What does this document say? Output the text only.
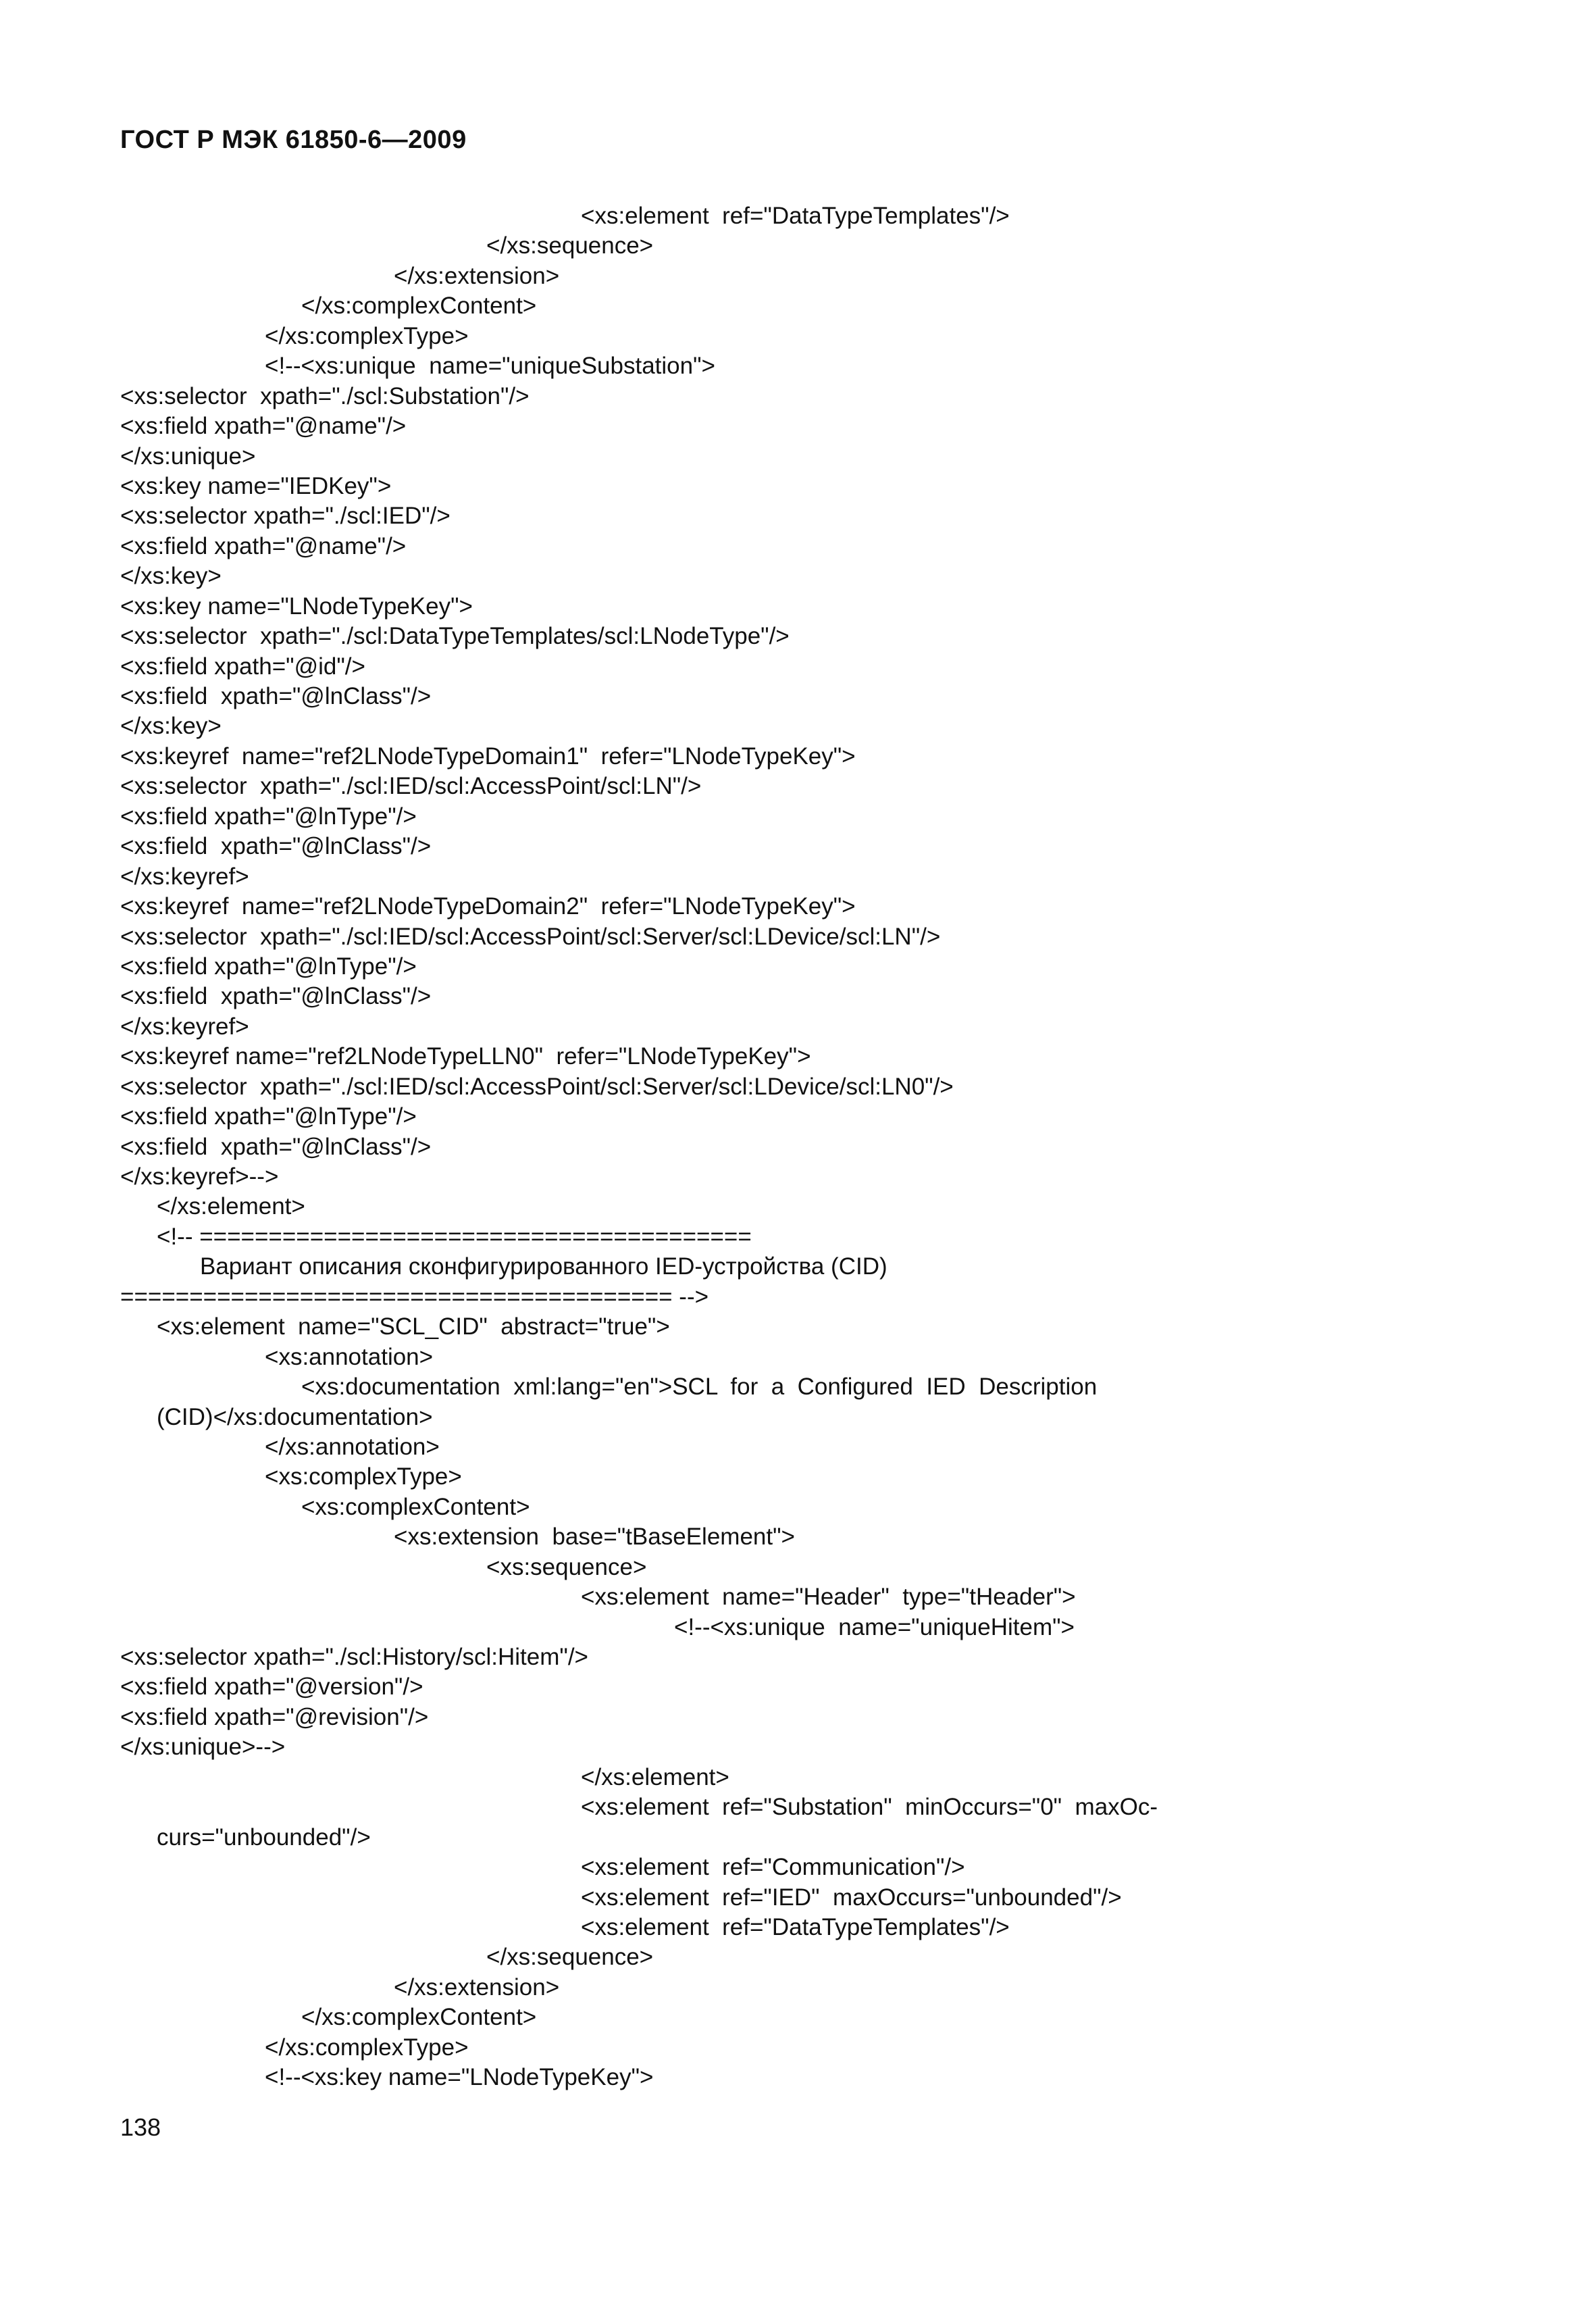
ГОСТ Р МЭК 61850-6—2009
<xs:element  ref="DataTypeTemplates"/>
</xs:sequence>
</xs:extension>
</xs:complexContent>
</xs:complexType>
<!--<xs:unique  name="uniqueSubstation">
<xs:selector  xpath="./scl:Substation"/>
<xs:field xpath="@name"/>
</xs:unique>
<xs:key name="IEDKey">
<xs:selector xpath="./scl:IED"/>
<xs:field xpath="@name"/>
</xs:key>
<xs:key name="LNodeTypeKey">
<xs:selector  xpath="./scl:DataTypeTemplates/scl:LNodeType"/>
<xs:field xpath="@id"/>
<xs:field  xpath="@lnClass"/>
</xs:key>
<xs:keyref  name="ref2LNodeTypeDomain1"  refer="LNodeTypeKey">
<xs:selector  xpath="./scl:IED/scl:AccessPoint/scl:LN"/>
<xs:field xpath="@lnType"/>
<xs:field  xpath="@lnClass"/>
</xs:keyref>
<xs:keyref  name="ref2LNodeTypeDomain2"  refer="LNodeTypeKey">
<xs:selector  xpath="./scl:IED/scl:AccessPoint/scl:Server/scl:LDevice/scl:LN"/>
<xs:field xpath="@lnType"/>
<xs:field  xpath="@lnClass"/>
</xs:keyref>
<xs:keyref name="ref2LNodeTypeLLN0"  refer="LNodeTypeKey">
<xs:selector  xpath="./scl:IED/scl:AccessPoint/scl:Server/scl:LDevice/scl:LN0"/>
<xs:field xpath="@lnType"/>
<xs:field  xpath="@lnClass"/>
</xs:keyref>-->
</xs:element>
<!-- ========================================
Вариант описания сконфигурированного IED-устройства (CID)
======================================== -->
<xs:element  name="SCL_CID"  abstract="true">
<xs:annotation>
<xs:documentation  xml:lang="en">SCL  for  a  Configured  IED  Description
(CID)</xs:documentation>
</xs:annotation>
<xs:complexType>
<xs:complexContent>
<xs:extension  base="tBaseElement">
<xs:sequence>
<xs:element  name="Header"  type="tHeader">
<!--<xs:unique  name="uniqueHitem">
<xs:selector xpath="./scl:History/scl:Hitem"/>
<xs:field xpath="@version"/>
<xs:field xpath="@revision"/>
</xs:unique>-->
</xs:element>
<xs:element  ref="Substation"  minOccurs="0"  maxOc-
curs="unbounded"/>
<xs:element  ref="Communication"/>
<xs:element  ref="IED"  maxOccurs="unbounded"/>
<xs:element  ref="DataTypeTemplates"/>
</xs:sequence>
</xs:extension>
</xs:complexContent>
</xs:complexType>
<!--<xs:key name="LNodeTypeKey">
138
